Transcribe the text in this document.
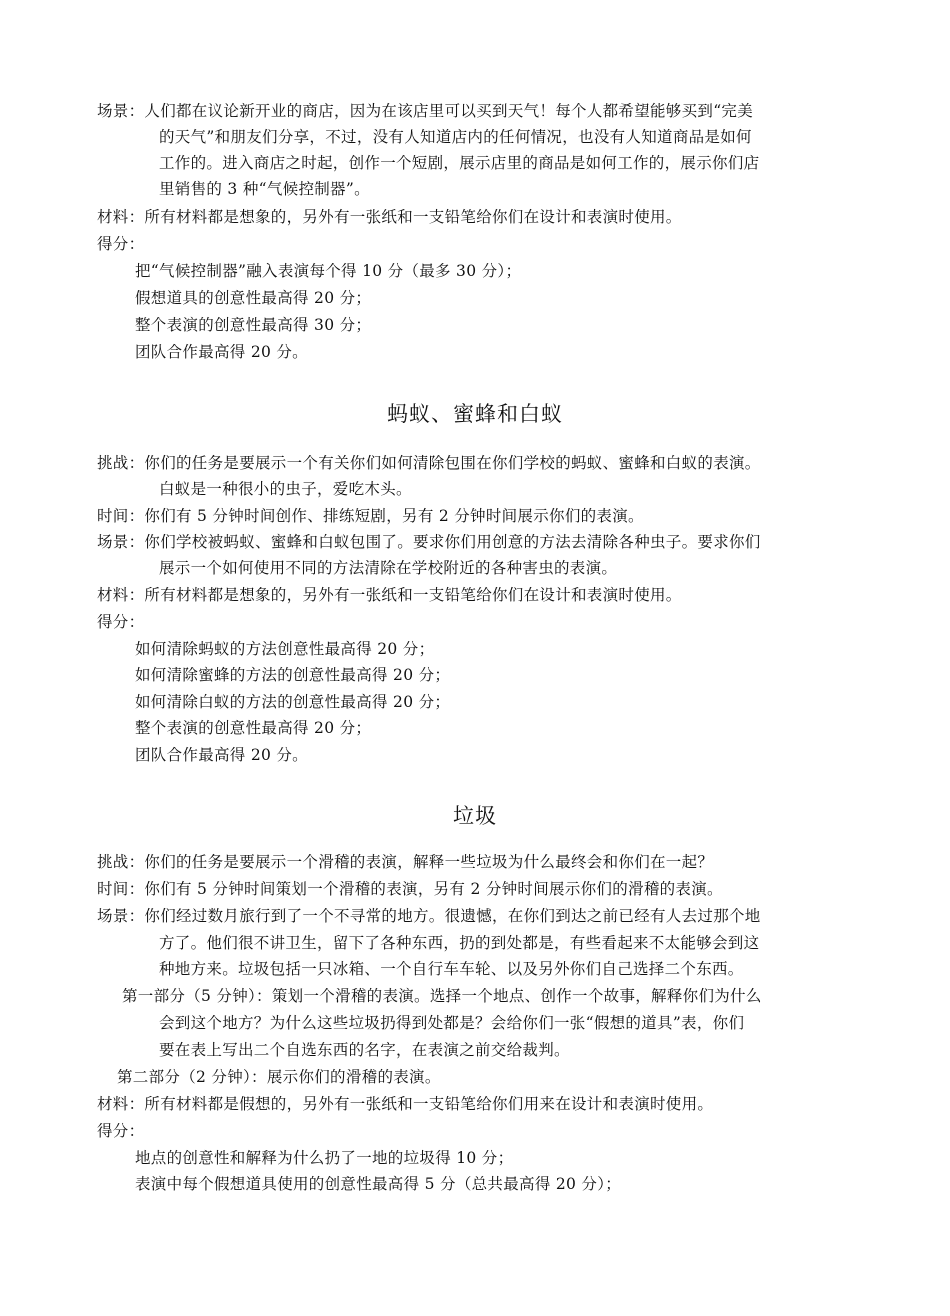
场景：人们都在议论新开业的商店，因为在该店里可以买到天气！每个人都希望能够买到“完美
的天气”和朋友们分享，不过，没有人知道店内的任何情况，也没有人知道商品是如何
工作的。进入商店之时起，创作一个短剧，展示店里的商品是如何工作的，展示你们店
里销售的 3 种“气候控制器”。
材料：所有材料都是想象的，另外有一张纸和一支铅笔给你们在设计和表演时使用。
得分：
把“气候控制器”融入表演每个得 10 分（最多 30 分）；
假想道具的创意性最高得 20 分；
整个表演的创意性最高得 30 分；
团队合作最高得 20 分。
蚂蚁、蜜蜂和白蚁
挑战：你们的任务是要展示一个有关你们如何清除包围在你们学校的蚂蚁、蜜蜂和白蚁的表演。
白蚁是一种很小的虫子，爱吃木头。
时间：你们有 5 分钟时间创作、排练短剧，另有 2 分钟时间展示你们的表演。
场景：你们学校被蚂蚁、蜜蜂和白蚁包围了。要求你们用创意的方法去清除各种虫子。要求你们
展示一个如何使用不同的方法清除在学校附近的各种害虫的表演。
材料：所有材料都是想象的，另外有一张纸和一支铅笔给你们在设计和表演时使用。
得分：
如何清除蚂蚁的方法创意性最高得 20 分；
如何清除蜜蜂的方法的创意性最高得 20 分；
如何清除白蚁的方法的创意性最高得 20 分；
整个表演的创意性最高得 20 分；
团队合作最高得 20 分。
垃圾
挑战：你们的任务是要展示一个滑稽的表演，解释一些垃圾为什么最终会和你们在一起？
时间：你们有 5 分钟时间策划一个滑稽的表演，另有 2 分钟时间展示你们的滑稽的表演。
场景：你们经过数月旅行到了一个不寻常的地方。很遗憾，在你们到达之前已经有人去过那个地
方了。他们很不讲卫生，留下了各种东西，扔的到处都是，有些看起来不太能够会到这
种地方来。垃圾包括一只冰箱、一个自行车车轮、以及另外你们自己选择二个东西。
第一部分（5 分钟）：策划一个滑稽的表演。选择一个地点、创作一个故事，解释你们为什么
会到这个地方？为什么这些垃圾扔得到处都是？会给你们一张“假想的道具”表，你们
要在表上写出二个自选东西的名字，在表演之前交给裁判。
第二部分（2 分钟）：展示你们的滑稽的表演。
材料：所有材料都是假想的，另外有一张纸和一支铅笔给你们用来在设计和表演时使用。
得分：
地点的创意性和解释为什么扔了一地的垃圾得 10 分；
表演中每个假想道具使用的创意性最高得 5 分（总共最高得 20 分）；
